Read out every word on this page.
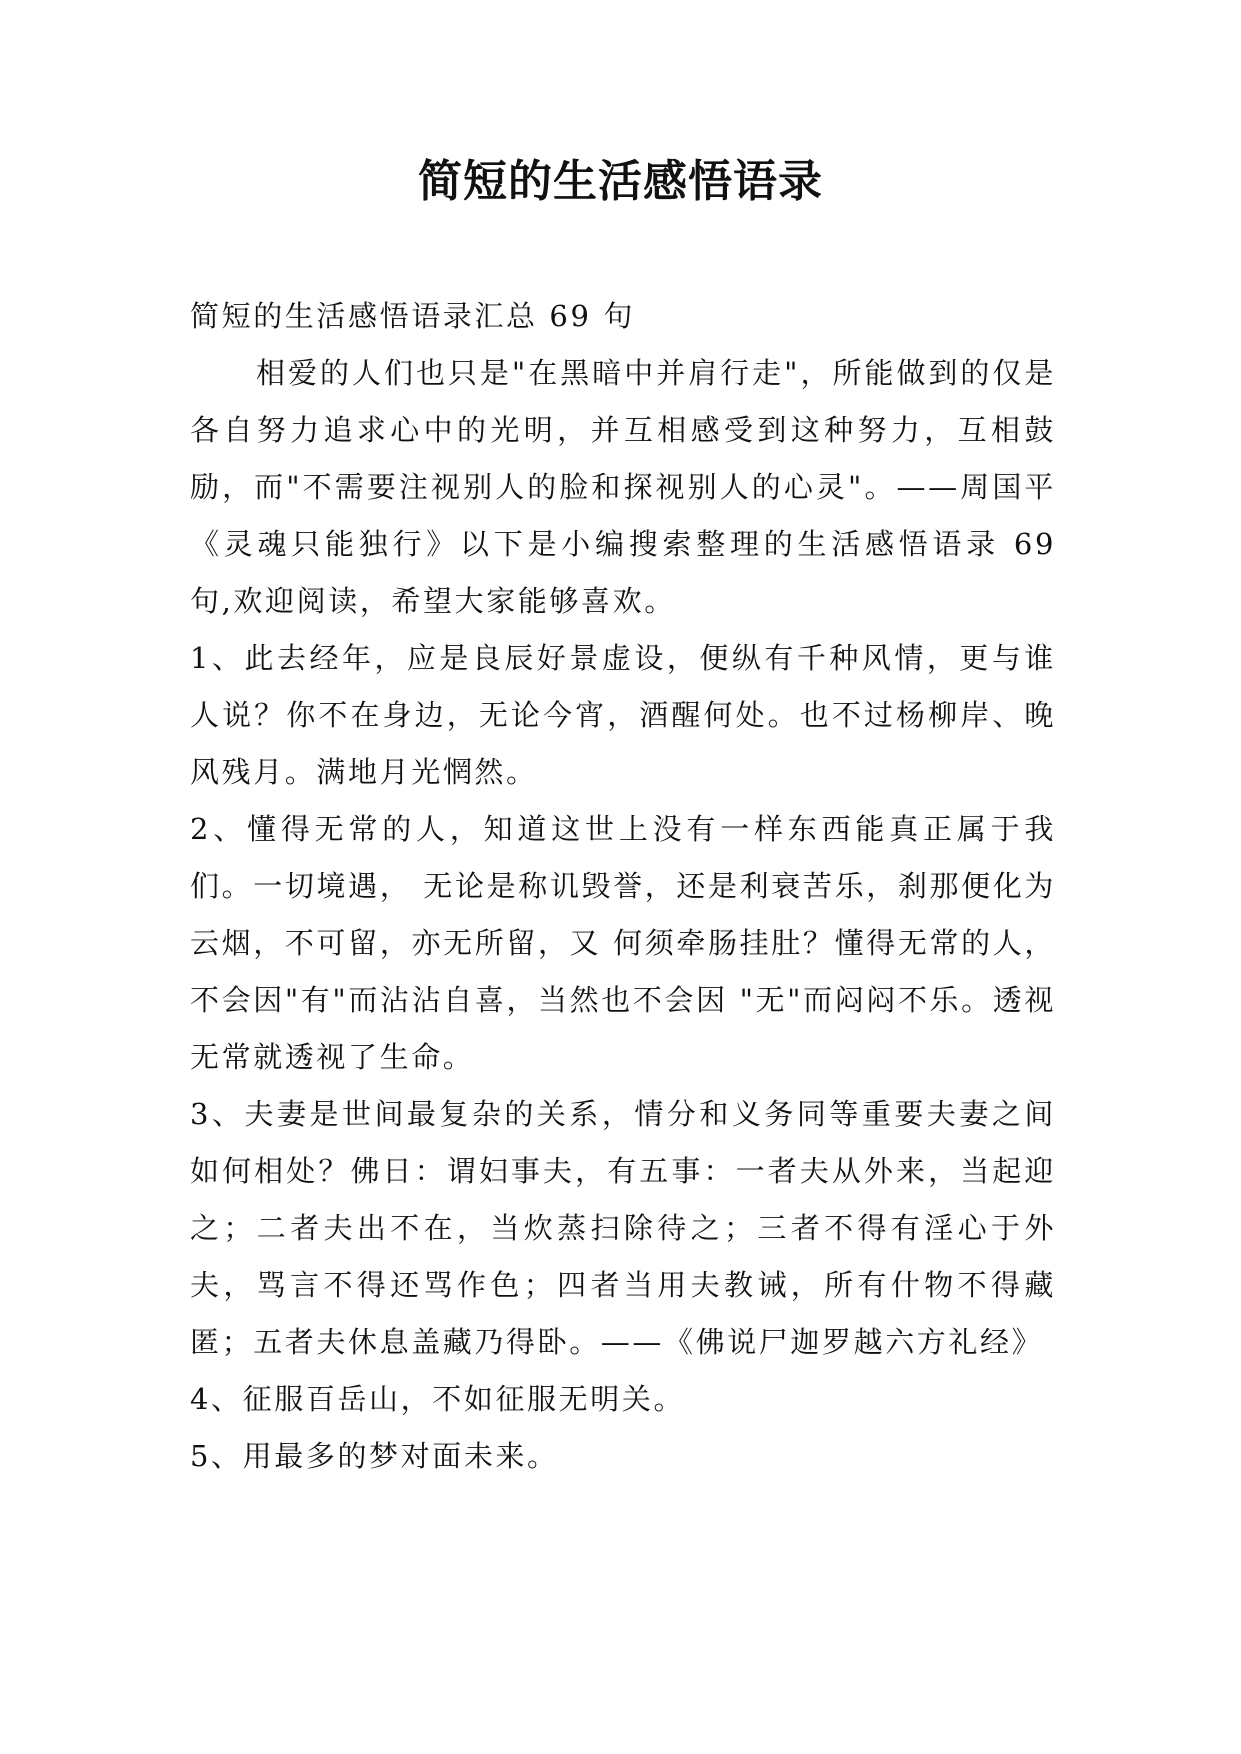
简短的生活感悟语录

简短的生活感悟语录汇总 69 句

相爱的人们也只是"在黑暗中并肩行走"，所能做到的仅是各自努力追求心中的光明，并互相感受到这种努力，互相鼓励，而"不需要注视别人的脸和探视别人的心灵"。——周国平《灵魂只能独行》以下是小编搜索整理的生活感悟语录 69 句,欢迎阅读，希望大家能够喜欢。

1、此去经年，应是良辰好景虚设，便纵有千种风情，更与谁人说？你不在身边，无论今宵，酒醒何处。也不过杨柳岸、晚风残月。满地月光惘然。

2、懂得无常的人，知道这世上没有一样东西能真正属于我们。一切境遇， 无论是称讥毁誉，还是利衰苦乐，刹那便化为云烟，不可留，亦无所留，又 何须牵肠挂肚？懂得无常的人，不会因"有"而沾沾自喜，当然也不会因 "无"而闷闷不乐。透视无常就透视了生命。

3、夫妻是世间最复杂的关系，情分和义务同等重要夫妻之间如何相处？佛日：谓妇事夫，有五事：一者夫从外来，当起迎之；二者夫出不在，当炊蒸扫除待之；三者不得有淫心于外夫，骂言不得还骂作色；四者当用夫教诫，所有什物不得藏匿；五者夫休息盖藏乃得卧。——《佛说尸迦罗越六方礼经》

4、征服百岳山，不如征服无明关。

5、用最多的梦对面未来。
